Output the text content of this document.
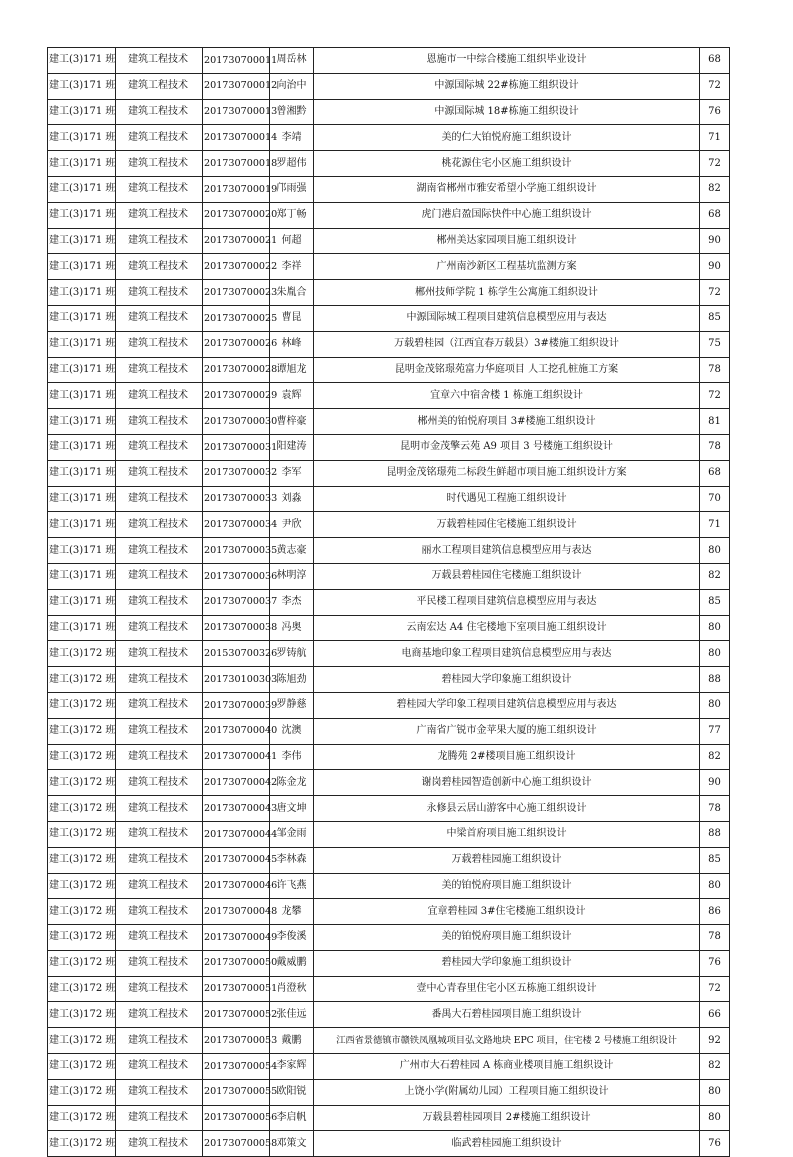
建工(3)171 班	建筑工程技术	201730700011	周岳林	恩施市一中综合楼施工组织毕业设计	68
建工(3)171 班	建筑工程技术	201730700012	向治中	中源国际城 22#栋施工组织设计	72
建工(3)171 班	建筑工程技术	201730700013	曾湘黔	中源国际城 18#栋施工组织设计	76
建工(3)171 班	建筑工程技术	201730700014	李靖	美的仁大铂悦府施工组织设计	71
建工(3)171 班	建筑工程技术	201730700018	罗超伟	桃花源住宅小区施工组织设计	72
建工(3)171 班	建筑工程技术	201730700019	邝雨强	湖南省郴州市雅安希望小学施工组织设计	82
建工(3)171 班	建筑工程技术	201730700020	郑丁畅	虎门港启盈国际快件中心施工组织设计	68
建工(3)171 班	建筑工程技术	201730700021	何超	郴州美达家园项目施工组织设计	90
建工(3)171 班	建筑工程技术	201730700022	李祥	广州南沙新区工程基坑监测方案	90
建工(3)171 班	建筑工程技术	201730700023	朱胤合	郴州技师学院 1 栋学生公寓施工组织设计	72
建工(3)171 班	建筑工程技术	201730700025	曹昆	中源国际城工程项目建筑信息模型应用与表达	85
建工(3)171 班	建筑工程技术	201730700026	林峰	万载碧桂园（江西宜春万载县）3#楼施工组织设计	75
建工(3)171 班	建筑工程技术	201730700028	谭旭龙	昆明金茂铭璟苑富力华庭项目 人工挖孔桩施工方案	78
建工(3)171 班	建筑工程技术	201730700029	袁辉	宜章六中宿舍楼 1 栋施工组织设计	72
建工(3)171 班	建筑工程技术	201730700030	曹梓豪	郴州美的铂悦府项目 3#楼施工组织设计	81
建工(3)171 班	建筑工程技术	201730700031	阳建涛	昆明市金茂擎云苑 A9 项目 3 号楼施工组织设计	78
建工(3)171 班	建筑工程技术	201730700032	李军	昆明金茂铭璟苑二标段生鲜超市项目施工组织设计方案	68
建工(3)171 班	建筑工程技术	201730700033	刘淼	时代遇见工程施工组织设计	70
建工(3)171 班	建筑工程技术	201730700034	尹欣	万载碧桂园住宅楼施工组织设计	71
建工(3)171 班	建筑工程技术	201730700035	黄志豪	丽水工程项目建筑信息模型应用与表达	80
建工(3)171 班	建筑工程技术	201730700036	林明淳	万载县碧桂园住宅楼施工组织设计	82
建工(3)171 班	建筑工程技术	201730700037	李杰	平民楼工程项目建筑信息模型应用与表达	85
建工(3)171 班	建筑工程技术	201730700038	冯奥	云南宏达 A4 住宅楼地下室项目施工组织设计	80
建工(3)172 班	建筑工程技术	201530700326	罗铸航	电商基地印象工程项目建筑信息模型应用与表达	80
建工(3)172 班	建筑工程技术	201730100303	陈旭劲	碧桂园大学印象施工组织设计	88
建工(3)172 班	建筑工程技术	201730700039	罗静慈	碧桂园大学印象工程项目建筑信息模型应用与表达	80
建工(3)172 班	建筑工程技术	201730700040	沈澳	广南省广锐市金苹果大厦的施工组织设计	77
建工(3)172 班	建筑工程技术	201730700041	李伟	龙腾苑 2#楼项目施工组织设计	82
建工(3)172 班	建筑工程技术	201730700042	陈金龙	谢岗碧桂园智造创新中心施工组织设计	90
建工(3)172 班	建筑工程技术	201730700043	唐文坤	永修县云居山游客中心施工组织设计	78
建工(3)172 班	建筑工程技术	201730700044	邹金雨	中梁首府项目施工组织设计	88
建工(3)172 班	建筑工程技术	201730700045	李林森	万载碧桂园施工组织设计	85
建工(3)172 班	建筑工程技术	201730700046	许飞燕	美的铂悦府项目施工组织设计	80
建工(3)172 班	建筑工程技术	201730700048	龙攀	宜章碧桂园 3#住宅楼施工组织设计	86
建工(3)172 班	建筑工程技术	201730700049	李俊溪	美的铂悦府项目施工组织设计	78
建工(3)172 班	建筑工程技术	201730700050	戴威鹏	碧桂园大学印象施工组织设计	76
建工(3)172 班	建筑工程技术	201730700051	肖澄秋	壹中心青春里住宅小区五栋施工组织设计	72
建工(3)172 班	建筑工程技术	201730700052	张佳远	番禺大石碧桂园项目施工组织设计	66
建工(3)172 班	建筑工程技术	201730700053	戴鹏	江西省景德镇市赣铁凤凰城项目弘文路地块 EPC 项目，住宅楼 2 号楼施工组织设计	92
建工(3)172 班	建筑工程技术	201730700054	李家辉	广州市大石碧桂园 A 栋商业楼项目施工组织设计	82
建工(3)172 班	建筑工程技术	201730700055	欧阳锐	上饶小学(附属幼儿园）工程项目施工组织设计	80
建工(3)172 班	建筑工程技术	201730700056	李启帆	万载县碧桂园项目 2#楼施工组织设计	80
建工(3)172 班	建筑工程技术	201730700058	邓策文	临武碧桂园施工组织设计	76
